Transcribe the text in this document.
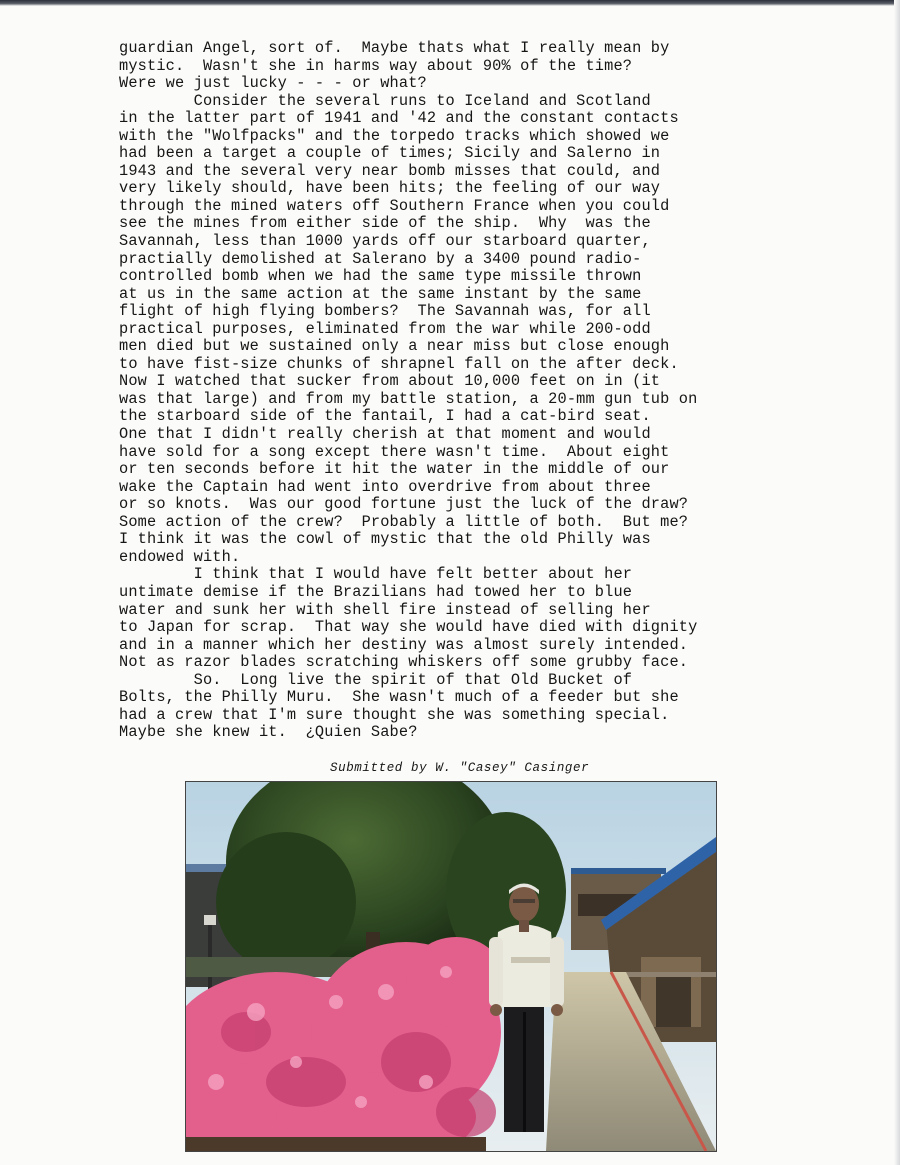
guardian Angel, sort of.  Maybe thats what I really mean by
mystic.  Wasn't she in harms way about 90% of the time?
Were we just lucky - - - or what?
Consider the several runs to Iceland and Scotland
in the latter part of 1941 and '42 and the constant contacts
with the "Wolfpacks" and the torpedo tracks which showed we
had been a target a couple of times; Sicily and Salerno in
1943 and the several very near bomb misses that could, and
very likely should, have been hits; the feeling of our way
through the mined waters off Southern France when you could
see the mines from either side of the ship.  Why  was the
Savannah, less than 1000 yards off our starboard quarter,
practially demolished at Salerano by a 3400 pound radio-
controlled bomb when we had the same type missile thrown
at us in the same action at the same instant by the same
flight of high flying bombers?  The Savannah was, for all
practical purposes, eliminated from the war while 200-odd
men died but we sustained only a near miss but close enough
to have fist-size chunks of shrapnel fall on the after deck.
Now I watched that sucker from about 10,000 feet on in (it
was that large) and from my battle station, a 20-mm gun tub on
the starboard side of the fantail, I had a cat-bird seat.
One that I didn't really cherish at that moment and would
have sold for a song except there wasn't time.  About eight
or ten seconds before it hit the water in the middle of our
wake the Captain had went into overdrive from about three
or so knots.  Was our good fortune just the luck of the draw?
Some action of the crew?  Probably a little of both.  But me?
I think it was the cowl of mystic that the old Philly was
endowed with.
I think that I would have felt better about her
untimate demise if the Brazilians had towed her to blue
water and sunk her with shell fire instead of selling her
to Japan for scrap.  That way she would have died with dignity
and in a manner which her destiny was almost surely intended.
Not as razor blades scratching whiskers off some grubby face.
So.  Long live the spirit of that Old Bucket of
Bolts, the Philly Muru.  She wasn't much of a feeder but she
had a crew that I'm sure thought she was something special.
Maybe she knew it.  ¿Quien Sabe?
Submitted by W. "Casey" Casinger
